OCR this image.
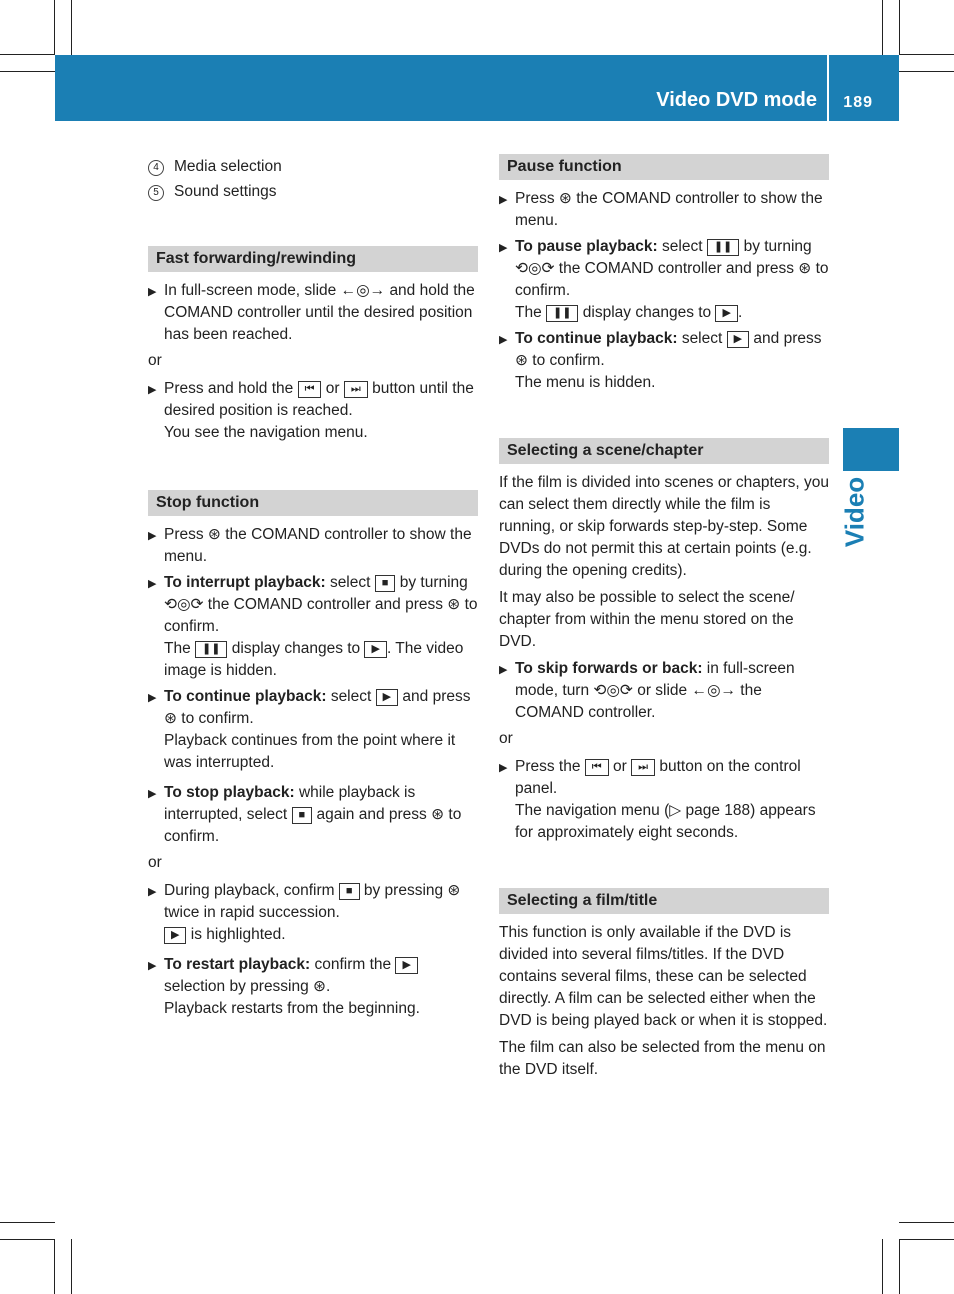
Video DVD mode 189
Video
4 Media selection
5 Sound settings
Fast forwarding/rewinding
▶ In full-screen mode, slide ←◎→ and hold the COMAND controller until the desired position has been reached.

or
▶ Press and hold the ⏮ or ⏭ button until the desired position is reached.

You see the navigation menu.

Stop function
▶ Press ⊛ the COMAND controller to show the menu.

▶ To interrupt playback: select ■ by turning ⟲◎⟳ the COMAND controller and press ⊛ to confirm.

The ❚❚ display changes to ▶ . The video image is hidden.

▶ To continue playback: select ▶ and press ⊛ to confirm.

Playback continues from the point where it was interrupted.

▶ To stop playback: while playback is interrupted, select ■ again and press ⊛ to confirm.

or
▶ During playback, confirm ■ by pressing ⊛ twice in rapid succession.

▶ is highlighted.

▶ To restart playback: confirm the ▶ selection by pressing ⊛.

Playback restarts from the beginning.

Pause function
▶ Press ⊛ the COMAND controller to show the menu.

▶ To pause playback: select ❚❚ by turning ⟲◎⟳ the COMAND controller and press ⊛ to confirm.

The ❚❚ display changes to ▶ .

▶ To continue playback: select ▶ and press ⊛ to confirm.

The menu is hidden.

Selecting a scene/chapter

If the film is divided into scenes or chapters, you can select them directly while the film is running, or skip forwards step-by-step. Some DVDs do not permit this at certain points (e.g. during the opening credits).

It may also be possible to select the scene/ chapter from within the menu stored on the DVD.

▶ To skip forwards or back: in full-screen mode, turn ⟲◎⟳ or slide ←◎→ the COMAND controller.

or
▶ Press the ⏮ or ⏭ button on the control panel.

The navigation menu (▷ page 188) appears for approximately eight seconds.

Selecting a film/title

This function is only available if the DVD is divided into several films/titles. If the DVD contains several films, these can be selected directly. A film can be selected either when the DVD is being played back or when it is stopped.

The film can also be selected from the menu on the DVD itself.
